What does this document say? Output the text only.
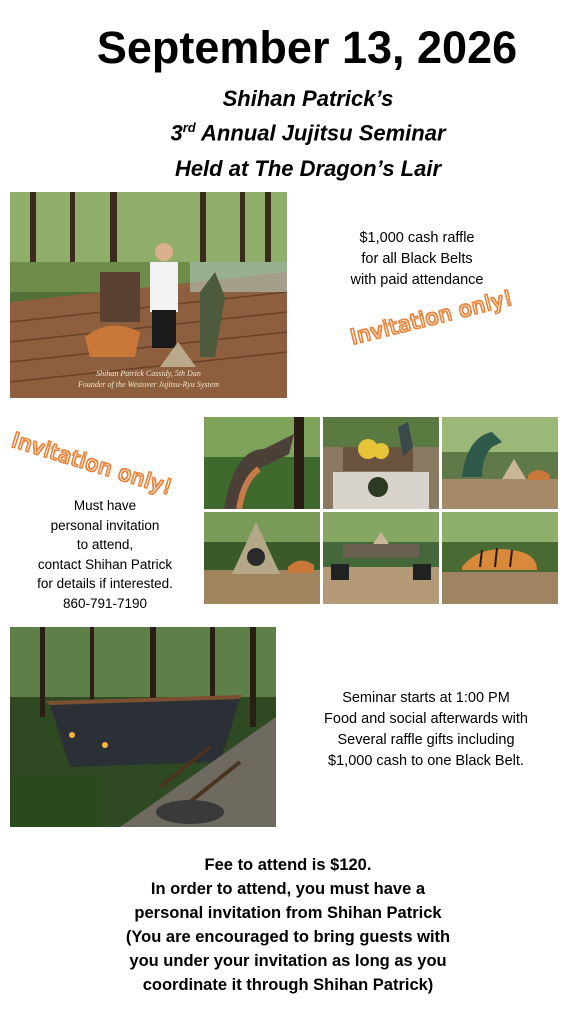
September 13, 2026
Shihan Patrick’s
3rd Annual Jujitsu Seminar
Held at The Dragon’s Lair
Shihan Patrick Cassidy, 5th Dan
Founder of the Westover Jujitsu-Ryu System
$1,000 cash raffle
for all Black Belts
with paid attendance
Invitation only!
Invitation only!
Must have
personal invitation
to attend,
contact Shihan Patrick
for details if interested.
860-791-7190
Seminar starts at 1:00 PM
Food and social afterwards with
Several raffle gifts including
$1,000 cash to one Black Belt.
Fee to attend is $120.
In order to attend, you must have a
personal invitation from Shihan Patrick
(You are encouraged to bring guests with
you under your invitation as long as you
coordinate it through Shihan Patrick)
